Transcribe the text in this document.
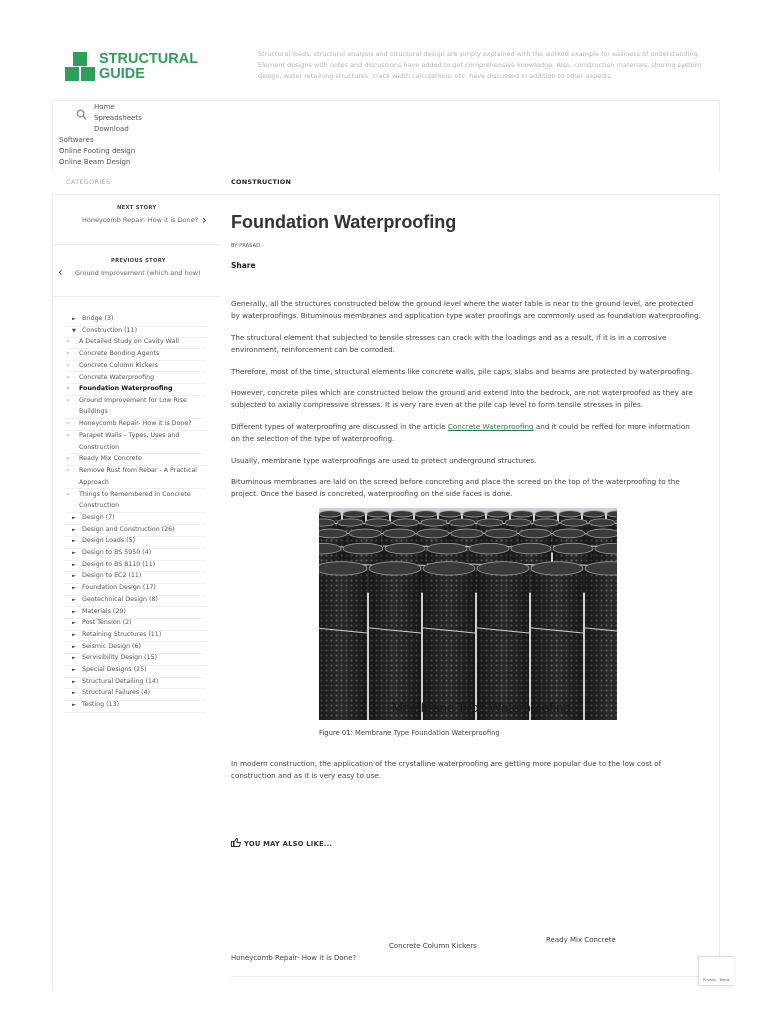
STRUCTURAL
GUIDE
Structural loads, structural analysis and structural design are simply explained with the worked example for easiness of understanding. Element designs with notes and discussions have added to get comprehensive knowledge. Also, construction materials, shoring system design, water retaining structures, crack width calculations, etc. have discussed in addition to other aspects.
Home
Spreadsheets
Download
Softwares
Online Footing design
Online Beam Design
CATEGORIES	CONSTRUCTION
NEXT STORY
Honeycomb Repair- How it is Done? ›
PREVIOUS STORY
Ground Improvement (which and how)
‹
► Bridge (3)
▼ Construction (11)
» A Detailed Study on Cavity Wall
» Concrete Bonding Agents
» Concrete Column Kickers
» Concrete Waterproofing
» Foundation Waterproofing
» Ground Improvement for Low Rise Buildings
» Honeycomb Repair- How it is Done?
» Parapet Walls – Types, Uses and Construction
» Ready Mix Concrete
» Remove Rust from Rebar - A Practical Approach
» Things to Remembered in Concrete Construction
► Design (7)
► Design and Construction (26)
► Design Loads (5)
► Design to BS 5950 (4)
► Design to BS 8110 (11)
► Design to EC2 (11)
► Foundation Design (17)
► Geotechnical Design (8)
► Materials (29)
► Post Tension (2)
► Retaining Structures (11)
► Seismic Design (6)
► Servisibility Design (15)
► Special Designs (25)
► Structural Detailing (14)
► Structural Failures (4)
► Testing (13)
Foundation Waterproofing
BY PRASAD -
Share

Generally, all the structures constructed below the ground level where the water table is near to the ground level, are protected by waterproofings. Bituminous membranes and application type water proofings are commonly used as foundation waterproofing.

The structural element that subjected to tensile stresses can crack with the loadings and as a result, if it is in a corrosive environment, reinforcement can be corroded.

Therefore, most of the time, structural elements like concrete walls, pile caps, slabs and beams are protected by waterproofing.

However, concrete piles which are constructed below the ground and extend into the bedrock, are not waterproofed as they are subjected to axially compressive stresses. It is very rare even at the pile cap level to form tensile stresses in piles.

Different types of waterproofing are discussed in the article Concrete Waterproofing and it could be reffed for more information on the selection of the type of waterproofing.

Usually, membrane type waterproofings are used to protect underground structures.

Bituminous membranes are laid on the screed before concreting and place the screed on the top of the waterproofing to the project. Once the based is concreted, waterproofing on the side faces is done.

Membrane Type Waterproofing
Figure 01: Membrane Type Foundation Waterproofing

In modern construction, the application of the crystalline waterproofing are getting more popular due to the low cost of construction and as it is very easy to use.

YOU MAY ALSO LIKE...
Honeycomb Repair- How it is Done?
Concrete Column Kickers
Ready Mix Concrete
Privacy - Terms
